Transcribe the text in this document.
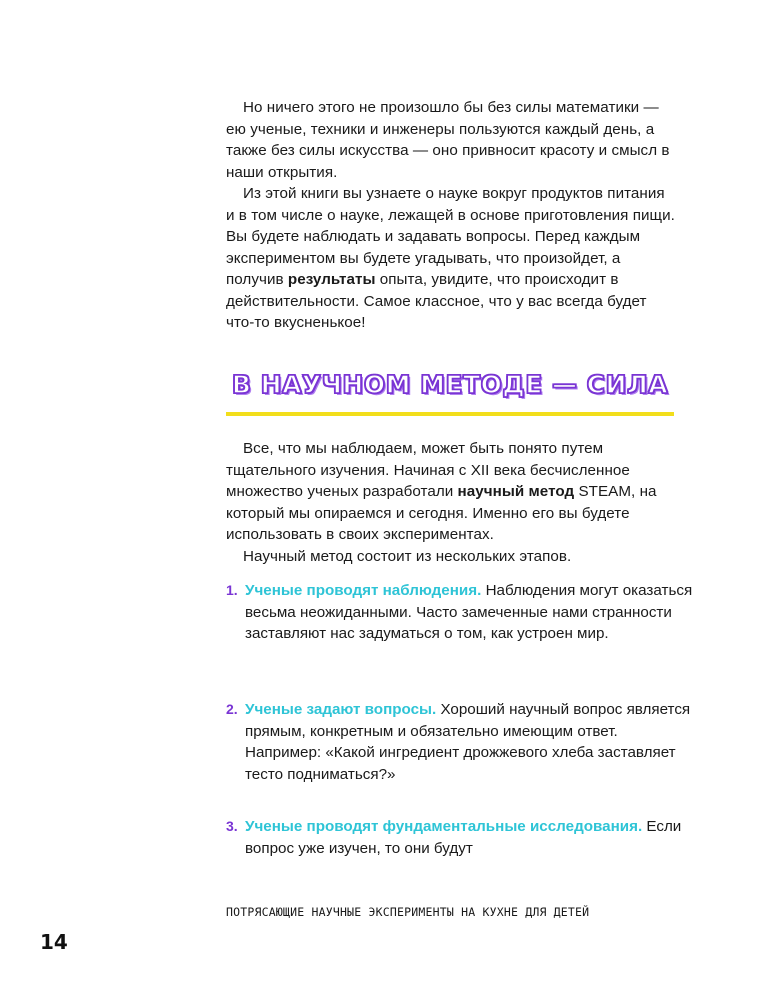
Но ничего этого не произошло бы без силы математики — ею ученые, техники и инженеры пользуются каждый день, а также без силы искусства — оно привносит красоту и смысл в наши открытия.

Из этой книги вы узнаете о науке вокруг продуктов питания и в том числе о науке, лежащей в основе приготовления пищи. Вы будете наблюдать и задавать вопросы. Перед каждым экспериментом вы будете угадывать, что произойдет, а получив результаты опыта, увидите, что происходит в действительности. Самое классное, что у вас всегда будет что-то вкусненькое!

В НАУЧНОМ МЕТОДЕ — СИЛА

Все, что мы наблюдаем, может быть понято путем тщательного изучения. Начиная с XII века бесчисленное множество ученых разработали научный метод STEAM, на который мы опираемся и сегодня. Именно его вы будете использовать в своих экспериментах.

Научный метод состоит из нескольких этапов.

1. Ученые проводят наблюдения. Наблюдения могут оказаться весьма неожиданными. Часто замеченные нами странности заставляют нас задуматься о том, как устроен мир.
2. Ученые задают вопросы. Хороший научный вопрос является прямым, конкретным и обязательно имеющим ответ. Например: «Какой ингредиент дрожжевого хлеба заставляет тесто подниматься?»
3. Ученые проводят фундаментальные исследования. Если вопрос уже изучен, то они будут
ПОТРЯСАЮЩИЕ НАУЧНЫЕ ЭКСПЕРИМЕНТЫ НА КУХНЕ ДЛЯ ДЕТЕЙ
14
